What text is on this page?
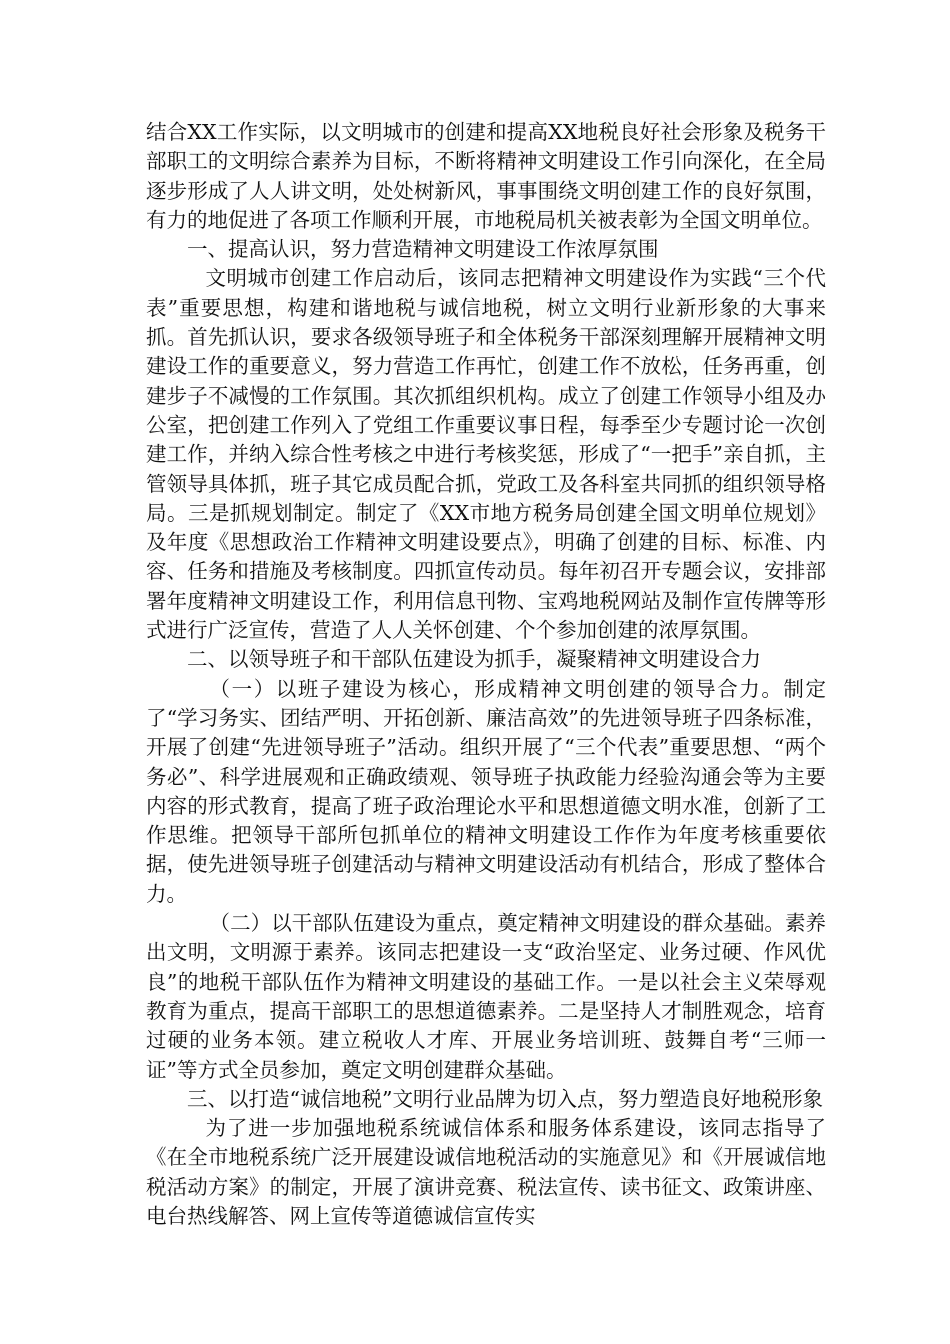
结合XX工作实际，以文明城市的创建和提高XX地税良好社会形象及税务干部职工的文明综合素养为目标，不断将精神文明建设工作引向深化，在全局逐步形成了人人讲文明，处处树新风，事事围绕文明创建工作的良好氛围，有力的地促进了各项工作顺利开展，市地税局机关被表彰为全国文明单位。

一、提高认识，努力营造精神文明建设工作浓厚氛围

文明城市创建工作启动后，该同志把精神文明建设作为实践“三个代表”重要思想，构建和谐地税与诚信地税，树立文明行业新形象的大事来抓。首先抓认识，要求各级领导班子和全体税务干部深刻理解开展精神文明建设工作的重要意义，努力营造工作再忙，创建工作不放松，任务再重，创建步子不减慢的工作氛围。其次抓组织机构。成立了创建工作领导小组及办公室，把创建工作列入了党组工作重要议事日程，每季至少专题讨论一次创建工作，并纳入综合性考核之中进行考核奖惩，形成了“一把手”亲自抓，主管领导具体抓，班子其它成员配合抓，党政工及各科室共同抓的组织领导格局。三是抓规划制定。制定了《XX市地方税务局创建全国文明单位规划》及年度《思想政治工作精神文明建设要点》，明确了创建的目标、标准、内容、任务和措施及考核制度。四抓宣传动员。每年初召开专题会议，安排部署年度精神文明建设工作，利用信息刊物、宝鸡地税网站及制作宣传牌等形式进行广泛宣传，营造了人人关怀创建、个个参加创建的浓厚氛围。

二、以领导班子和干部队伍建设为抓手，凝聚精神文明建设合力

（一）以班子建设为核心，形成精神文明创建的领导合力。制定了“学习务实、团结严明、开拓创新、廉洁高效”的先进领导班子四条标准，开展了创建“先进领导班子”活动。组织开展了“三个代表”重要思想、“两个务必”、科学进展观和正确政绩观、领导班子执政能力经验沟通会等为主要内容的形式教育，提高了班子政治理论水平和思想道德文明水准，创新了工作思维。把领导干部所包抓单位的精神文明建设工作作为年度考核重要依据，使先进领导班子创建活动与精神文明建设活动有机结合，形成了整体合力。

（二）以干部队伍建设为重点，奠定精神文明建设的群众基础。素养出文明，文明源于素养。该同志把建设一支“政治坚定、业务过硬、作风优良”的地税干部队伍作为精神文明建设的基础工作。一是以社会主义荣辱观教育为重点，提高干部职工的思想道德素养。二是坚持人才制胜观念，培育过硬的业务本领。建立税收人才库、开展业务培训班、鼓舞自考“三师一证”等方式全员参加，奠定文明创建群众基础。

三、以打造“诚信地税”文明行业品牌为切入点，努力塑造良好地税形象

为了进一步加强地税系统诚信体系和服务体系建设，该同志指导了《在全市地税系统广泛开展建设诚信地税活动的实施意见》和《开展诚信地税活动方案》的制定，开展了演讲竞赛、税法宣传、读书征文、政策讲座、电台热线解答、网上宣传等道德诚信宣传实
